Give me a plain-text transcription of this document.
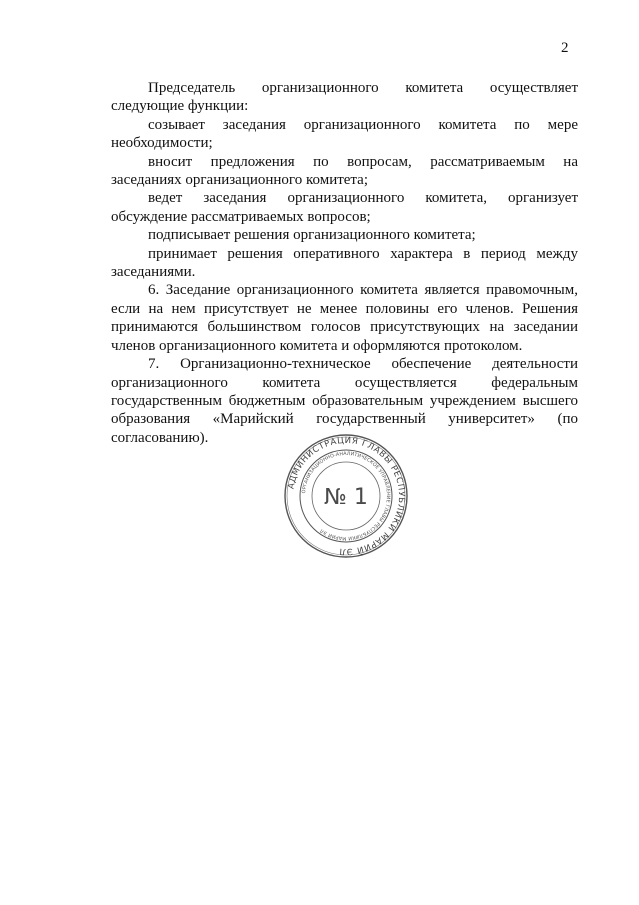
2

Председатель организационного комитета осуществляет следующие функции:

созывает заседания организационного комитета по мере необходимости;

вносит предложения по вопросам, рассматриваемым на заседаниях организационного комитета;

ведет заседания организационного комитета, организует обсуждение рассматриваемых вопросов;

подписывает решения организационного комитета;

принимает решения оперативного характера в период между заседаниями.

6. Заседание организационного комитета является правомочным, если на нем присутствует не менее половины его членов. Решения принимаются большинством голосов присутствующих на заседании членов организационного комитета и оформляются протоколом.

7. Организационно-техническое обеспечение деятельности организационного комитета осуществляется федеральным государственным бюджетным образовательным учреждением высшего образования «Марийский государственный университет» (по согласованию).

АДМИНИСТРАЦИЯ ГЛАВЫ РЕСПУБЛИКИ МАРИЙ ЭЛ
ОРГАНИЗАЦИОННО-АНАЛИТИЧЕСКОЕ УПРАВЛЕНИЕ ГЛАВЫ РЕСПУБЛИКИ МАРИЙ ЭЛ
№ 1
